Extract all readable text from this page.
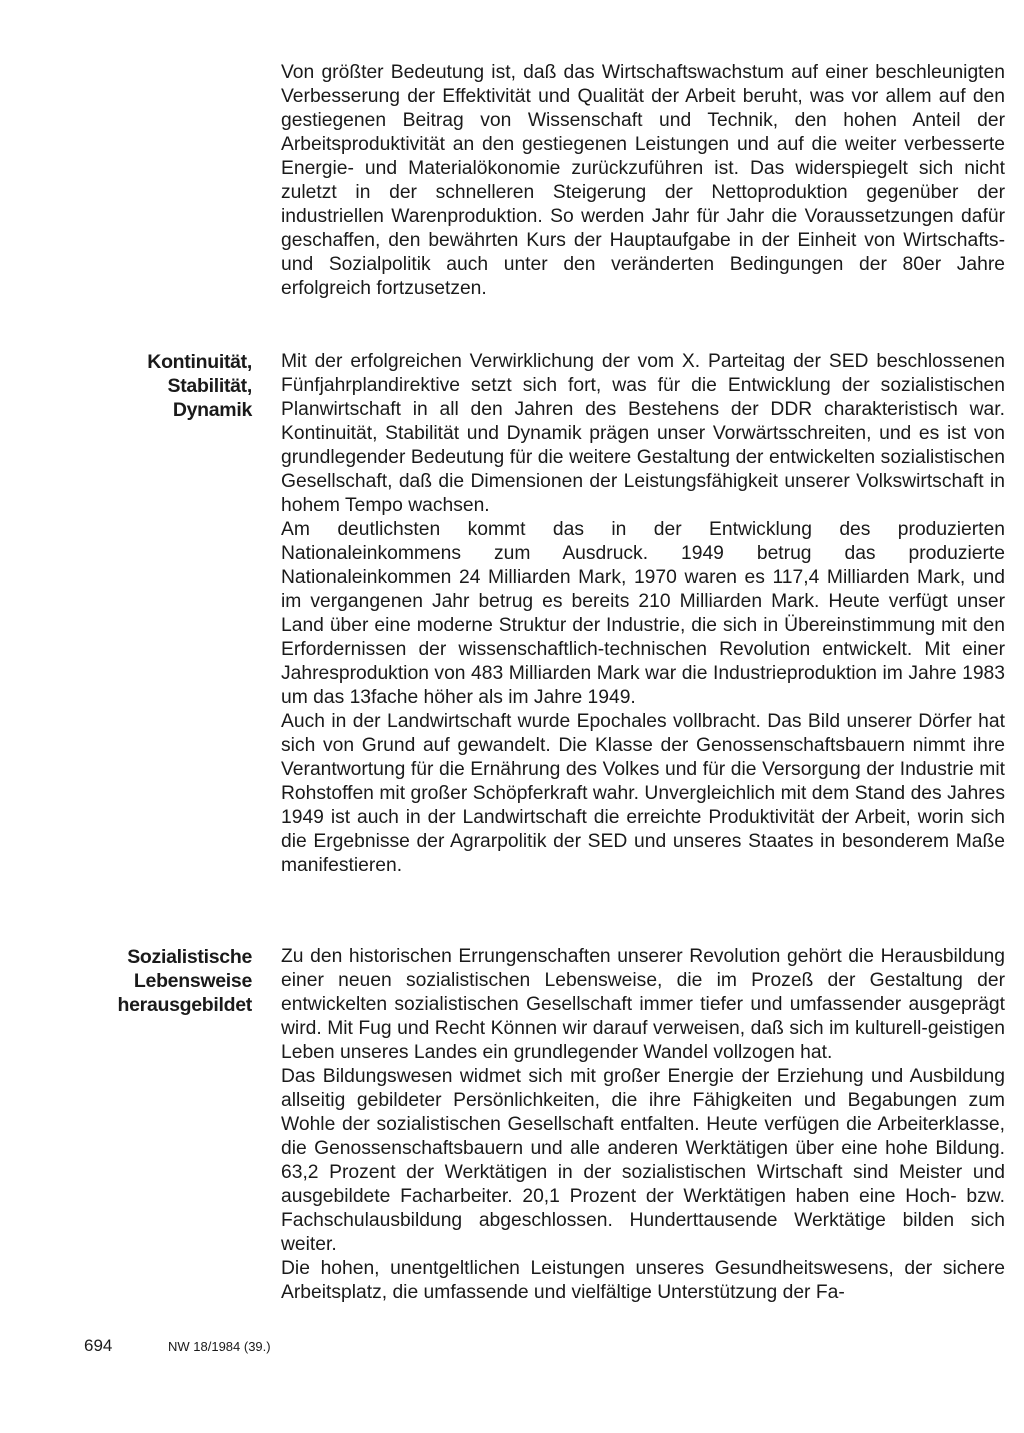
Von größter Bedeutung ist, daß das Wirtschaftswachstum auf einer beschleunigten Verbesserung der Effektivität und Qualität der Arbeit beruht, was vor allem auf den gestiegenen Beitrag von Wissenschaft und Technik, den hohen Anteil der Arbeitsproduktivität an den gestiegenen Leistungen und auf die weiter verbesserte Energie- und Materialökonomie zurückzuführen ist. Das widerspiegelt sich nicht zuletzt in der schnelleren Steigerung der Nettoproduktion gegenüber der industriellen Warenproduktion. So werden Jahr für Jahr die Voraussetzungen dafür geschaffen, den bewährten Kurs der Hauptaufgabe in der Einheit von Wirtschafts- und Sozialpolitik auch unter den veränderten Bedingungen der 80er Jahre erfolgreich fortzusetzen.

Kontinuität,
Stabilität,
Dynamik

Mit der erfolgreichen Verwirklichung der vom X. Parteitag der SED beschlossenen Fünfjahrplandirektive setzt sich fort, was für die Entwicklung der sozialistischen Planwirtschaft in all den Jahren des Bestehens der DDR charakteristisch war. Kontinuität, Stabilität und Dynamik prägen unser Vorwärtsschreiten, und es ist von grundlegender Bedeutung für die weitere Gestaltung der entwickelten sozialistischen Gesellschaft, daß die Dimensionen der Leistungsfähigkeit unserer Volkswirtschaft in hohem Tempo wachsen.

Am deutlichsten kommt das in der Entwicklung des produzierten Nationaleinkommens zum Ausdruck. 1949 betrug das produzierte Nationaleinkommen 24 Milliarden Mark, 1970 waren es 117,4 Milliarden Mark, und im vergangenen Jahr betrug es bereits 210 Milliarden Mark. Heute verfügt unser Land über eine moderne Struktur der Industrie, die sich in Übereinstimmung mit den Erfordernissen der wissenschaftlich-technischen Revolution entwickelt. Mit einer Jahresproduktion von 483 Milliarden Mark war die Industrieproduktion im Jahre 1983 um das 13fache höher als im Jahre 1949.

Auch in der Landwirtschaft wurde Epochales vollbracht. Das Bild unserer Dörfer hat sich von Grund auf gewandelt. Die Klasse der Genossenschaftsbauern nimmt ihre Verantwortung für die Ernährung des Volkes und für die Versorgung der Industrie mit Rohstoffen mit großer Schöpferkraft wahr. Unvergleichlich mit dem Stand des Jahres 1949 ist auch in der Landwirtschaft die erreichte Produktivität der Arbeit, worin sich die Ergebnisse der Agrarpolitik der SED und unseres Staates in besonderem Maße manifestieren.

Sozialistische
Lebensweise
herausgebildet

Zu den historischen Errungenschaften unserer Revolution gehört die Herausbildung einer neuen sozialistischen Lebensweise, die im Prozeß der Gestaltung der entwickelten sozialistischen Gesellschaft immer tiefer und umfassender ausgeprägt wird. Mit Fug und Recht Können wir darauf verweisen, daß sich im kulturell-geistigen Leben unseres Landes ein grundlegender Wandel vollzogen hat.

Das Bildungswesen widmet sich mit großer Energie der Erziehung und Ausbildung allseitig gebildeter Persönlichkeiten, die ihre Fähigkeiten und Begabungen zum Wohle der sozialistischen Gesellschaft entfalten. Heute verfügen die Arbeiterklasse, die Genossenschaftsbauern und alle anderen Werktätigen über eine hohe Bildung. 63,2 Prozent der Werktätigen in der sozialistischen Wirtschaft sind Meister und ausgebildete Facharbeiter. 20,1 Prozent der Werktätigen haben eine Hoch- bzw. Fachschulausbildung abgeschlossen. Hunderttausende Werktätige bilden sich weiter.

Die hohen, unentgeltlichen Leistungen unseres Gesundheitswesens, der sichere Arbeitsplatz, die umfassende und vielfältige Unterstützung der Fa-

694	NW 18/1984 (39.)
